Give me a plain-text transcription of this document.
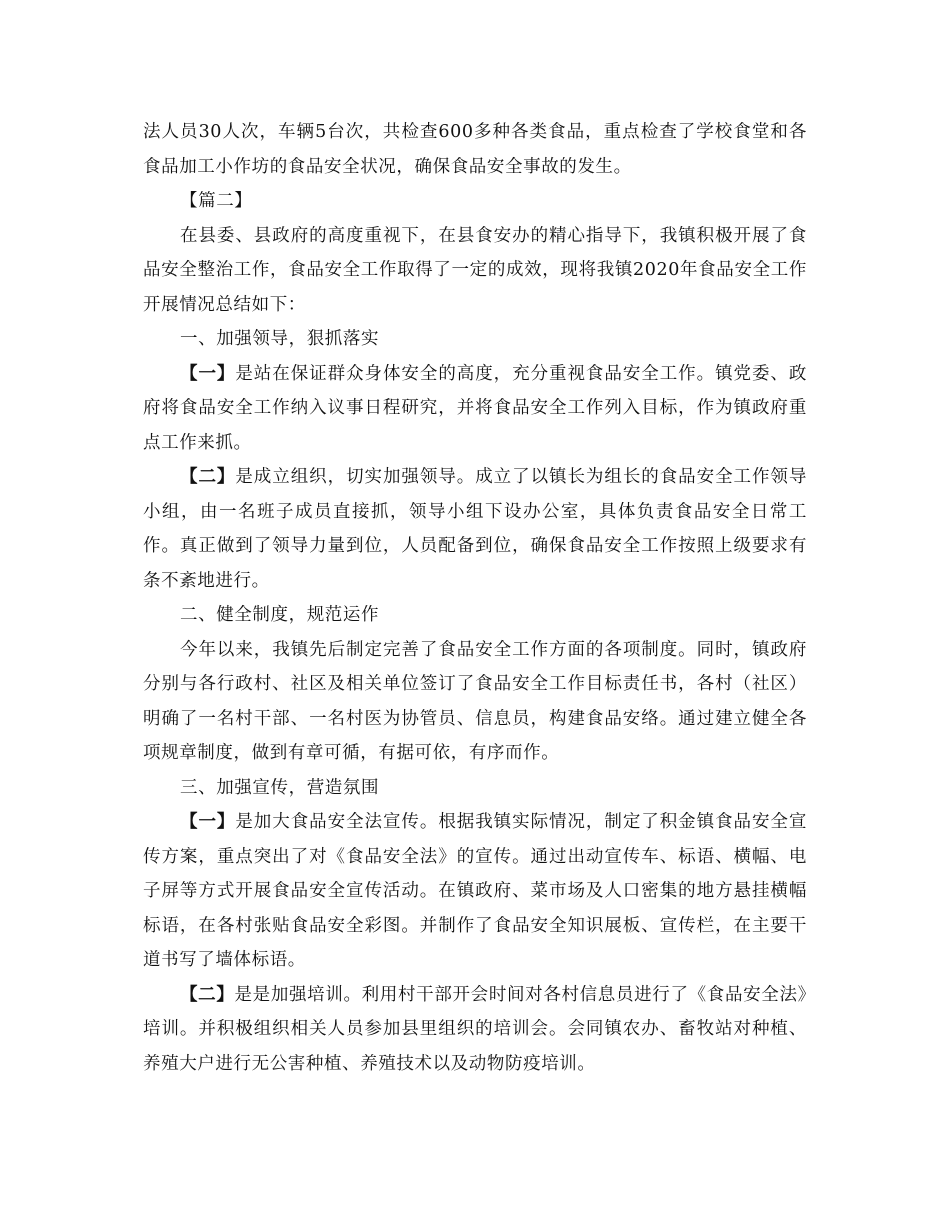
法人员30人次，车辆5台次，共检查600多种各类食品，重点检查了学校食堂和各食品加工小作坊的食品安全状况，确保食品安全事故的发生。

【篇二】

在县委、县政府的高度重视下，在县食安办的精心指导下，我镇积极开展了食品安全整治工作，食品安全工作取得了一定的成效，现将我镇2020年食品安全工作开展情况总结如下：

一、加强领导，狠抓落实

【一】是站在保证群众身体安全的高度，充分重视食品安全工作。镇党委、政府将食品安全工作纳入议事日程研究，并将食品安全工作列入目标，作为镇政府重点工作来抓。

【二】是成立组织，切实加强领导。成立了以镇长为组长的食品安全工作领导小组，由一名班子成员直接抓，领导小组下设办公室，具体负责食品安全日常工作。真正做到了领导力量到位，人员配备到位，确保食品安全工作按照上级要求有条不紊地进行。

二、健全制度，规范运作

今年以来，我镇先后制定完善了食品安全工作方面的各项制度。同时，镇政府分别与各行政村、社区及相关单位签订了食品安全工作目标责任书，各村（社区）明确了一名村干部、一名村医为协管员、信息员，构建食品安络。通过建立健全各项规章制度，做到有章可循，有据可依，有序而作。

三、加强宣传，营造氛围

【一】是加大食品安全法宣传。根据我镇实际情况，制定了积金镇食品安全宣传方案，重点突出了对《食品安全法》的宣传。通过出动宣传车、标语、横幅、电子屏等方式开展食品安全宣传活动。在镇政府、菜市场及人口密集的地方悬挂横幅标语，在各村张贴食品安全彩图。并制作了食品安全知识展板、宣传栏，在主要干道书写了墙体标语。

【二】是是加强培训。利用村干部开会时间对各村信息员进行了《食品安全法》培训。并积极组织相关人员参加县里组织的培训会。会同镇农办、畜牧站对种植、养殖大户进行无公害种植、养殖技术以及动物防疫培训。
